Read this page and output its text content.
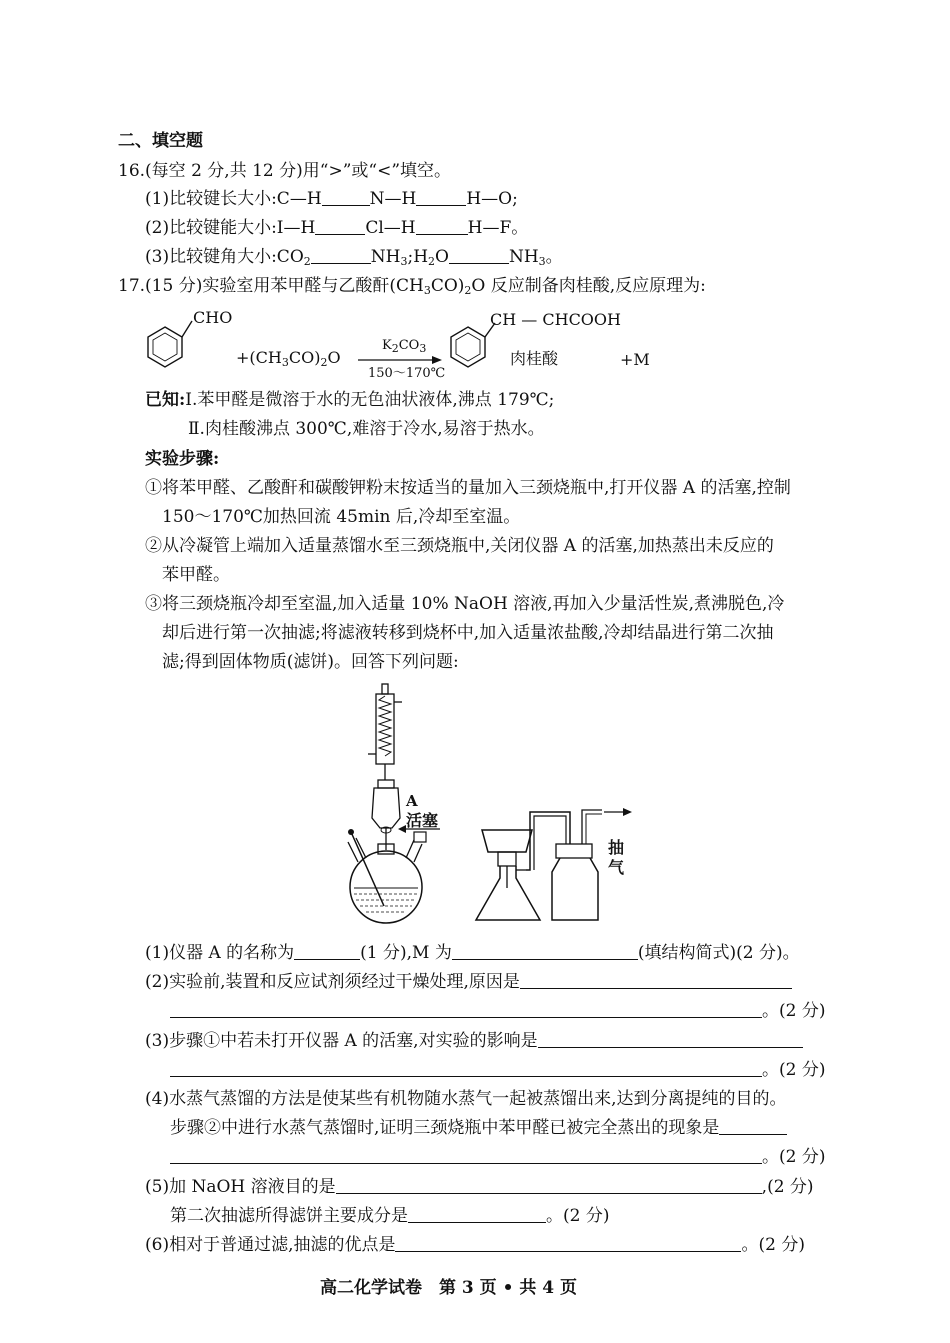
二、填空题
16.(每空 2 分,共 12 分)用“>”或“<”填空。
(1)比较键长大小:C—H	N—H	H—O;
(2)比较键能大小:I—H	Cl—H	H—F。
(3)比较键角大小$:CO_2$	$NH_3;H_2O$	$NH_3$。
17.(15 分)实验室用苯甲醛与乙酸酐$(CH_3CO)_2O$ 反应制备肉桂酸,反应原理为:
CHO
$+(CH_3CO)_2O$
$K_2CO_3$
150～170℃
CH — CHCOOH
肉桂酸	+M
已知:Ⅰ.苯甲醛是微溶于水的无色油状液体,沸点 179℃;
Ⅱ.肉桂酸沸点 300℃,难溶于冷水,易溶于热水。
实验步骤:
①将苯甲醛、乙酸酐和碳酸钾粉末按适当的量加入三颈烧瓶中,打开仪器 A 的活塞,控制
150～170℃加热回流 45min 后,冷却至室温。
②从冷凝管上端加入适量蒸馏水至三颈烧瓶中,关闭仪器 A 的活塞,加热蒸出未反应的
苯甲醛。
③将三颈烧瓶冷却至室温,加入适量 10% NaOH 溶液,再加入少量活性炭,煮沸脱色,冷
却后进行第一次抽滤;将滤液转移到烧杯中,加入适量浓盐酸,冷却结晶进行第二次抽
滤;得到固体物质(滤饼)。回答下列问题:
A
活塞
抽气
(1)仪器 A 的名称为	(1 分),M 为	(填结构简式)(2 分)。
(2)实验前,装置和反应试剂须经过干燥处理,原因是
。(2 分)
(3)步骤①中若未打开仪器 A 的活塞,对实验的影响是
。(2 分)
(4)水蒸气蒸馏的方法是使某些有机物随水蒸气一起被蒸馏出来,达到分离提纯的目的。
步骤②中进行水蒸气蒸馏时,证明三颈烧瓶中苯甲醛已被完全蒸出的现象是
。(2 分)
(5)加 NaOH 溶液目的是	,(2 分)
第二次抽滤所得滤饼主要成分是	。(2 分)
(6)相对于普通过滤,抽滤的优点是	。(2 分)
高二化学试卷　第 3 页 • 共 4 页
